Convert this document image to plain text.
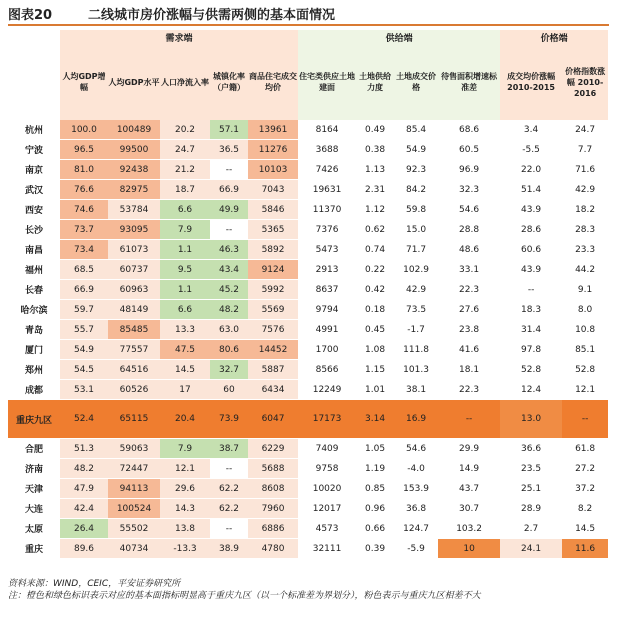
图表20	二线城市房价涨幅与供需两侧的基本面情况
	需求端					供给端				价格端	

	人均GDP增幅	人均GDP水平	人口净流入率	城镇化率（户籍）	商品住宅成交均价	住宅类供应土地建面	土地供给力度	土地成交价格	待售面积增速标准差	成交均价涨幅 2010-2015	价格指数涨幅 2010-2016

杭州	100.0	100489	20.2	57.1	13961	8164	0.49	85.4	68.6	3.4	24.7
宁波	96.5	99500	24.7	36.5	11276	3688	0.38	54.9	60.5	-5.5	7.7
南京	81.0	92438	21.2	--	10103	7426	1.13	92.3	96.9	22.0	71.6
武汉	76.6	82975	18.7	66.9	7043	19631	2.31	84.2	32.3	51.4	42.9
西安	74.6	53784	6.6	49.9	5846	11370	1.12	59.8	54.6	43.9	18.2
长沙	73.7	93095	7.9	--	5365	7376	0.62	15.0	28.8	28.6	28.3
南昌	73.4	61073	1.1	46.3	5892	5473	0.74	71.7	48.6	60.6	23.3
福州	68.5	60737	9.5	43.4	9124	2913	0.22	102.9	33.1	43.9	44.2
长春	66.9	60963	1.1	45.2	5992	8637	0.42	42.9	22.3	--	9.1
哈尔滨	59.7	48149	6.6	48.2	5569	9794	0.18	73.5	27.6	18.3	8.0
青岛	55.7	85485	13.3	63.0	7576	4991	0.45	-1.7	23.8	31.4	10.8
厦门	54.9	77557	47.5	80.6	14452	1700	1.08	111.8	41.6	97.8	85.1
郑州	54.5	64516	14.5	32.7	5887	8566	1.15	101.3	18.1	52.8	52.8
成都	53.1	60526	17	60	6434	12249	1.01	38.1	22.3	12.4	12.1
重庆九区	52.4	65115	20.4	73.9	6047	17173	3.14	16.9	--	13.0	--
合肥	51.3	59063	7.9	38.7	6229	7409	1.05	54.6	29.9	36.6	61.8
济南	48.2	72447	12.1	--	5688	9758	1.19	-4.0	14.9	23.5	27.2
天津	47.9	94113	29.6	62.2	8608	10020	0.85	153.9	43.7	25.1	37.2
大连	42.4	100524	14.3	62.2	7960	12017	0.96	36.8	30.7	28.9	8.2
太原	26.4	55502	13.8	--	6886	4573	0.66	124.7	103.2	2.7	14.5
重庆	89.6	40734	-13.3	38.9	4780	32111	0.39	-5.9	10	24.1	11.6
资料来源：WIND，CEIC，平安证券研究所
注：橙色和绿色标识表示对应的基本面指标明显高于重庆九区（以一个标准差为界划分），粉色表示与重庆九区相差不大
